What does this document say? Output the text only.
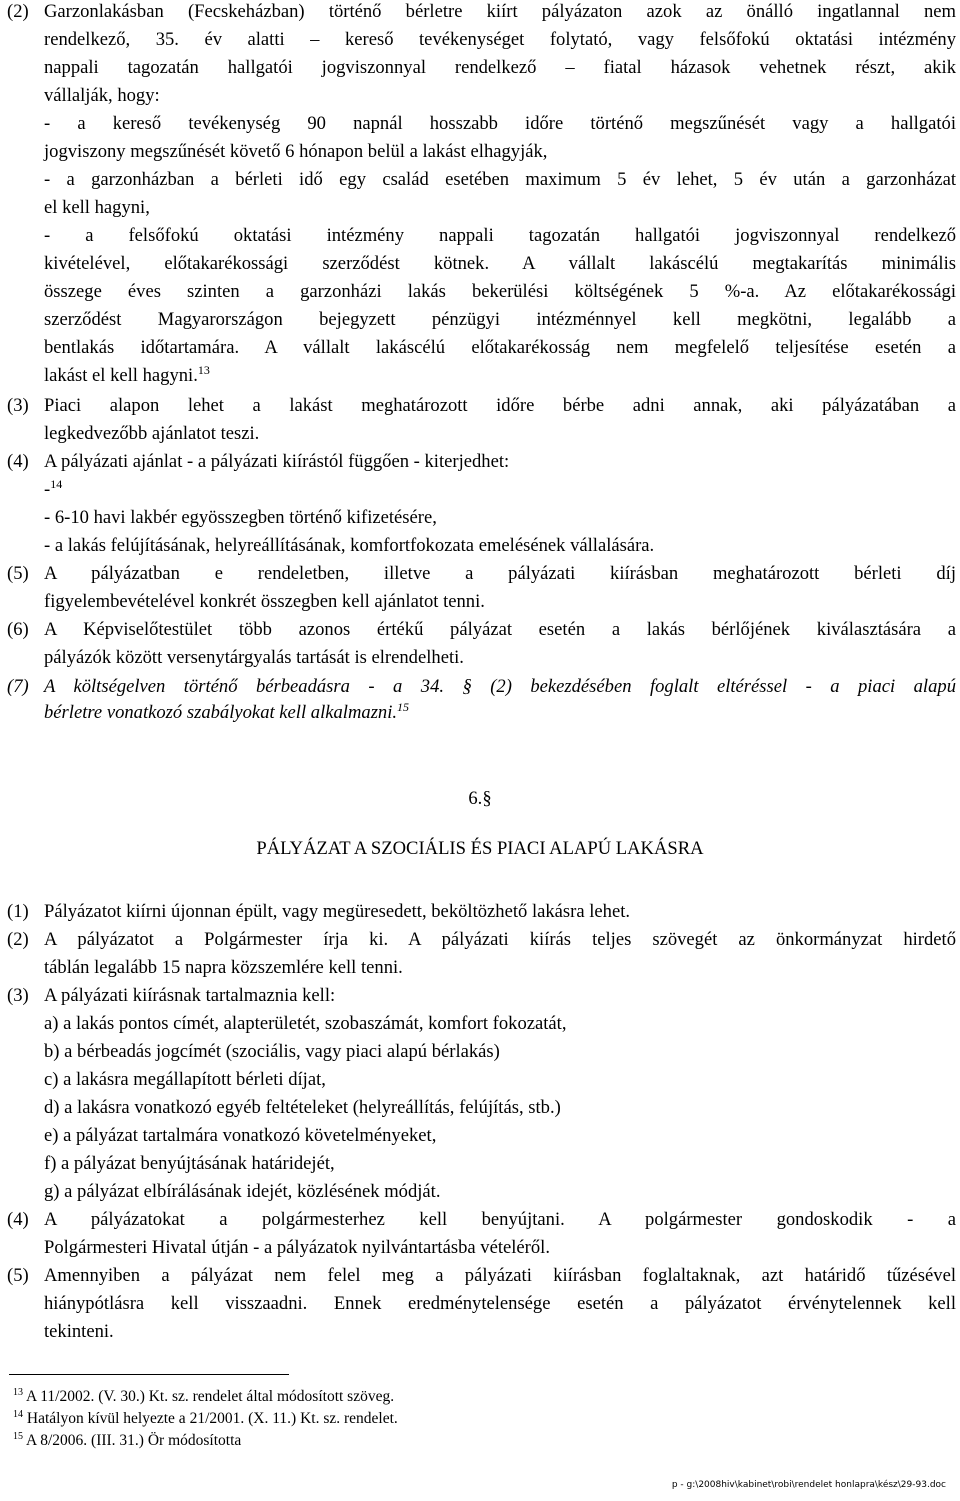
(2) Garzonlakásban (Fecskeházban) történő bérletre kiírt pályázaton azok az önálló ingatlannal nem
rendelkező, 35. év alatti – kereső tevékenységet folytató, vagy felsőfokú oktatási intézmény
nappali tagozatán hallgatói jogviszonnyal rendelkező – fiatal házasok vehetnek részt, akik
vállalják, hogy:
- a kereső tevékenység 90 napnál hosszabb időre történő megszűnését vagy a hallgatói
jogviszony megszűnését követő 6 hónapon belül a lakást elhagyják,
- a garzonházban a bérleti idő egy család esetében maximum 5 év lehet, 5 év után a garzonházat
el kell hagyni,
- a felsőfokú oktatási intézmény nappali tagozatán hallgatói jogviszonnyal rendelkező
kivételével, előtakarékossági szerződést kötnek. A vállalt lakáscélú megtakarítás minimális
összege éves szinten a garzonházi lakás bekerülési költségének 5 %-a. Az előtakarékossági
szerződést Magyarországon bejegyzett pénzügyi intézménnyel kell megkötni, legalább a
bentlakás időtartamára. A vállalt lakáscélú előtakarékosság nem megfelelő teljesítése esetén a
lakást el kell hagyni.$^{13}$
(3) Piaci alapon lehet a lakást meghatározott időre bérbe adni annak, aki pályázatában a
legkedvezőbb ajánlatot teszi.
(4) A pályázati ajánlat - a pályázati kiírástól függően - kiterjedhet:
-$^{14}$
- 6-10 havi lakbér egyösszegben történő kifizetésére,
- a lakás felújításának, helyreállításának, komfortfokozata emelésének vállalására.
(5) A pályázatban e rendeletben, illetve a pályázati kiírásban meghatározott bérleti díj
figyelembevételével konkrét összegben kell ajánlatot tenni.
(6) A Képviselőtestület több azonos értékű pályázat esetén a lakás bérlőjének kiválasztására a
pályázók között versenytárgyalás tartását is elrendelheti.
(7) A költségelven történő bérbeadásra - a 34. § (2) bekezdésében foglalt eltéréssel - a piaci alapú
bérletre vonatkozó szabályokat kell alkalmazni.$^{15}$
6.§
PÁLYÁZAT A SZOCIÁLIS ÉS PIACI ALAPÚ LAKÁSRA
(1) Pályázatot kiírni újonnan épült, vagy megüresedett, beköltözhető lakásra lehet.
(2) A pályázatot a Polgármester írja ki. A pályázati kiírás teljes szövegét az önkormányzat hirdető
táblán legalább 15 napra közszemlére kell tenni.
(3) A pályázati kiírásnak tartalmaznia kell:
a) a lakás pontos címét, alapterületét, szobaszámát, komfort fokozatát,
b) a bérbeadás jogcímét (szociális, vagy piaci alapú bérlakás)
c) a lakásra megállapított bérleti díjat,
d) a lakásra vonatkozó egyéb feltételeket (helyreállítás, felújítás, stb.)
e) a pályázat tartalmára vonatkozó követelményeket,
f) a pályázat benyújtásának határidejét,
g) a pályázat elbírálásának idejét, közlésének módját.
(4) A pályázatokat a polgármesterhez kell benyújtani. A polgármester gondoskodik - a
Polgármesteri Hivatal útján - a pályázatok nyilvántartásba vételéről.
(5) Amennyiben a pályázat nem felel meg a pályázati kiírásban foglaltaknak, azt határidő tűzésével
hiánypótlásra kell visszaadni. Ennek eredménytelensége esetén a pályázatot érvénytelennek kell
tekinteni.
$^{13}$ A 11/2002. (V. 30.) Kt. sz. rendelet által módosított szöveg.
$^{14}$ Hatályon kívül helyezte a 21/2001. (X. 11.) Kt. sz. rendelet.
$^{15}$ A 8/2006. (III. 31.) Ör módosította
p - g:\2008hiv\kabinet\robi\rendelet honlapra\kész\29-93.doc
